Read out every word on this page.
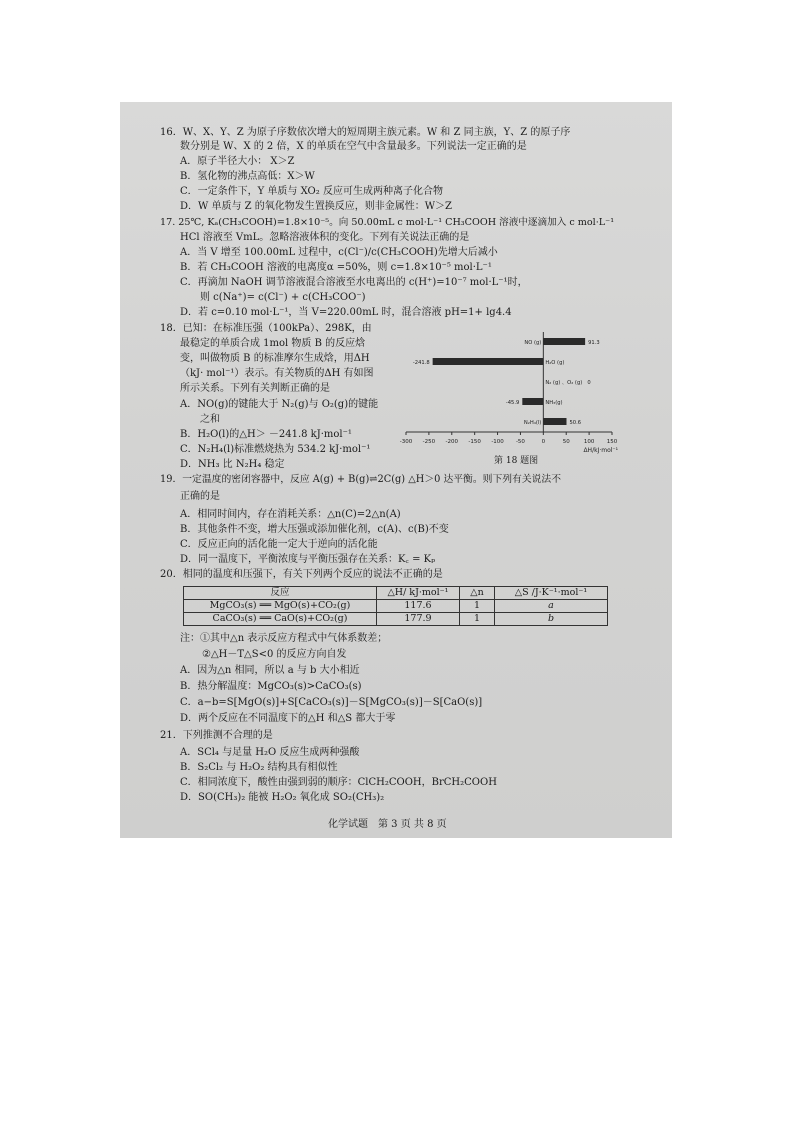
16．W、X、Y、Z 为原子序数依次增大的短周期主族元素。W 和 Z 同主族，Y、Z 的原子序
数分别是 W、X 的 2 倍，X 的单质在空气中含量最多。下列说法一定正确的是
A．原子半径大小： X＞Z
B．氢化物的沸点高低：X＞W
C．一定条件下，Y 单质与 XO₂ 反应可生成两种离子化合物
D．W 单质与 Z 的氧化物发生置换反应，则非金属性：W＞Z
17. 25℃, Kₐ(CH₃COOH)=1.8×10⁻⁵。向 50.00mL c mol·L⁻¹ CH₃COOH 溶液中逐滴加入 c mol·L⁻¹
HCl 溶液至 VmL。忽略溶液体积的变化。下列有关说法正确的是
A．当 V 增至 100.00mL 过程中，c(Cl⁻)/c(CH₃COOH)先增大后减小
B．若 CH₃COOH 溶液的电离度α =50%，则 c=1.8×10⁻⁵ mol·L⁻¹
C．再滴加 NaOH 调节溶液混合溶液至水电离出的 c(H⁺)=10⁻⁷ mol·L⁻¹时，
则 c(Na⁺)= c(Cl⁻) + c(CH₃COO⁻)
D．若 c=0.10 mol·L⁻¹，当 V=220.00mL 时，混合溶液 pH=1+ lg4.4
18．已知：在标准压强（100kPa）、298K，由
最稳定的单质合成 1mol 物质 B 的反应焓
变，叫做物质 B 的标准摩尔生成焓，用ΔH
（kJ· mol⁻¹）表示。有关物质的ΔH 有如图
所示关系。下列有关判断正确的是
A．NO(g)的键能大于 N₂(g)与 O₂(g)的键能
之和
B．H₂O(l)的△H＞ －241.8 kJ·mol⁻¹
C．N₂H₄(l)标准燃烧热为 534.2 kJ·mol⁻¹
D．NH₃ 比 N₂H₄ 稳定
-300 -250 -200 -150 -100 -50	0	50	100 150
ΔH/kJ·mol⁻¹
NO (g)	91.3
H₂O (g)
-241.8
N₂ (g) 、O₂ (g) 0
NH₃(g)
-45.9
N₂H₄(l)	50.6
第 18 题图
19．一定温度的密闭容器中，反应 A(g) + B(g)⇌2C(g) △H＞0 达平衡。则下列有关说法不
正确的是
A．相同时间内，存在消耗关系：△n(C)=2△n(A)
B．其他条件不变，增大压强或添加催化剂，c(A)、c(B)不变
C．反应正向的活化能一定大于逆向的活化能
D．同一温度下，平衡浓度与平衡压强存在关系：K꜀ = Kₚ
20．相同的温度和压强下，有关下列两个反应的说法不正确的是
反应	△H/ kJ·mol⁻¹	△n	△S /J·K⁻¹·mol⁻¹
MgCO₃(s) ══ MgO(s)+CO₂(g)	117.6	1	a
CaCO₃(s) ══ CaO(s)+CO₂(g)	177.9	1	b
注：①其中△n 表示反应方程式中气体系数差；
②△H－T△S<0 的反应方向自发
A．因为△n 相同，所以 a 与 b 大小相近
B．热分解温度：MgCO₃(s)>CaCO₃(s)
C．a−b=S[MgO(s)]+S[CaCO₃(s)]－S[MgCO₃(s)]－S[CaO(s)]
D．两个反应在不同温度下的△H 和△S 都大于零
21．下列推测不合理的是
A．SCl₄ 与足量 H₂O 反应生成两种强酸
B．S₂Cl₂ 与 H₂O₂ 结构具有相似性
C．相同浓度下，酸性由强到弱的顺序：ClCH₂COOH，BrCH₂COOH
D．SO(CH₃)₂ 能被 H₂O₂ 氧化成 SO₂(CH₃)₂
化学试题　第 3 页 共 8 页
